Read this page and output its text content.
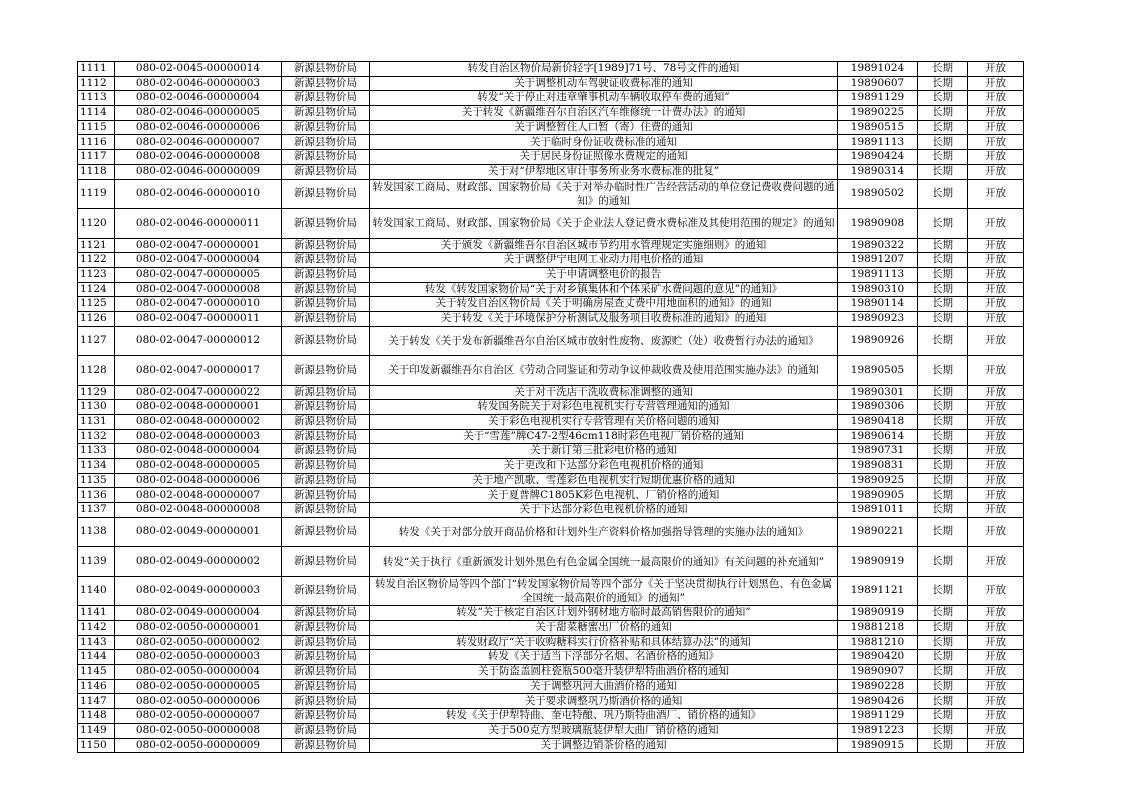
1111	080-02-0045-00000014	新源县物价局	转发自治区物价局新价轻字[1989]71号、78号文件的通知	19891024	长期	开放
1112	080-02-0046-00000003	新源县物价局	关于调整机动车驾驶证收费标准的通知	19890607	长期	开放
1113	080-02-0046-00000004	新源县物价局	转发“关于停止对违章肇事机动车辆收取停车费的通知”	19891129	长期	开放
1114	080-02-0046-00000005	新源县物价局	关于转发《新疆维吾尔自治区汽车维修统一计费办法》的通知	19890225	长期	开放
1115	080-02-0046-00000006	新源县物价局	关于调整暂住人口暂（寄）住费的通知	19890515	长期	开放
1116	080-02-0046-00000007	新源县物价局	关于临时身份证收费标准的通知	19891113	长期	开放
1117	080-02-0046-00000008	新源县物价局	关于居民身份证照像水费规定的通知	19890424	长期	开放
1118	080-02-0046-00000009	新源县物价局	关于对“伊犁地区审计事务所业务水费标准的批复”	19890314	长期	开放
1119	080-02-0046-00000010	新源县物价局	转发国家工商局、财政部、国家物价局《关于对举办临时性广告经营活动的单位登记费收费问题的通知》的通知	19890502	长期	开放
1120	080-02-0046-00000011	新源县物价局	转发国家工商局、财政部、国家物价局《关于企业法人登记费水费标准及其使用范围的规定》的通知	19890908	长期	开放
1121	080-02-0047-00000001	新源县物价局	关于颁发《新疆维吾尔自治区城市节约用水管理规定实施细则》的通知	19890322	长期	开放
1122	080-02-0047-00000004	新源县物价局	关于调整伊宁电网工业动力用电价格的通知	19891207	长期	开放
1123	080-02-0047-00000005	新源县物价局	关于申请调整电价的报告	19891113	长期	开放
1124	080-02-0047-00000008	新源县物价局	转发《转发国家物价局“关于对乡镇集体和个体采矿水费问题的意见”的通知》	19890310	长期	开放
1125	080-02-0047-00000010	新源县物价局	关于转发自治区物价局《关于明确房屋查丈费中用地面积的通知》的通知	19890114	长期	开放
1126	080-02-0047-00000011	新源县物价局	关于转发《关于环境保护分析测试及服务项目收费标准的通知》的通知	19890923	长期	开放
1127	080-02-0047-00000012	新源县物价局	关于转发《关于发布新疆维吾尔自治区城市放射性废物、废源贮（处）收费暂行办法的通知》	19890926	长期	开放
1128	080-02-0047-00000017	新源县物价局	关于印发新疆维吾尔自治区《劳动合同鉴证和劳动争议仲裁收费及使用范围实施办法》的通知	19890505	长期	开放
1129	080-02-0047-00000022	新源县物价局	关于对干洗店干洗收费标准调整的通知	19890301	长期	开放
1130	080-02-0048-00000001	新源县物价局	转发国务院关于对彩色电视机实行专营管理通知的通知	19890306	长期	开放
1131	080-02-0048-00000002	新源县物价局	关于彩色电视机实行专营管理有关价格问题的通知	19890418	长期	开放
1132	080-02-0048-00000003	新源县物价局	关于“雪莲”牌C47-2型46cm118时彩色电视厂销价格的通知	19890614	长期	开放
1133	080-02-0048-00000004	新源县物价局	关于新订第三批彩电价格的通知	19890731	长期	开放
1134	080-02-0048-00000005	新源县物价局	关于更改和下达部分彩色电视机价格的通知	19890831	长期	开放
1135	080-02-0048-00000006	新源县物价局	关于地产凯歌、雪莲彩色电视机实行短期优惠价格的通知	19890925	长期	开放
1136	080-02-0048-00000007	新源县物价局	关于夏普牌C1805K彩色电视机、厂销价格的通知	19890905	长期	开放
1137	080-02-0048-00000008	新源县物价局	关于下达部分彩色电视机价格的通知	19891011	长期	开放
1138	080-02-0049-00000001	新源县物价局	转发《关于对部分放开商品价格和计划外生产资料价格加强指导管理的实施办法的通知》	19890221	长期	开放
1139	080-02-0049-00000002	新源县物价局	转发“关于执行《重新颁发计划外黑色有色金属全国统一最高限价的通知》有关问题的补充通知”	19890919	长期	开放
1140	080-02-0049-00000003	新源县物价局	转发自治区物价局等四个部门“转发国家物价局等四个部分《关于坚决贯彻执行计划黑色、有色金属全国统一最高限价的通知》的通知”	19891121	长期	开放
1141	080-02-0049-00000004	新源县物价局	转发“关于核定自治区计划外钢材地方临时最高销售限价的通知”	19890919	长期	开放
1142	080-02-0050-00000001	新源县物价局	关于甜菜糖蜜出厂价格的通知	19881218	长期	开放
1143	080-02-0050-00000002	新源县物价局	转发财政厅“关于收购糖料实行价格补贴和具体结算办法”的通知	19881210	长期	开放
1144	080-02-0050-00000003	新源县物价局	转发《关于适当下浮部分名烟、名酒价格的通知》	19890420	长期	开放
1145	080-02-0050-00000004	新源县物价局	关于防盗盖圆柱瓷瓶500毫升装伊犁特曲酒价格的通知	19890907	长期	开放
1146	080-02-0050-00000005	新源县物价局	关于调整巩河大曲酒价格的通知	19890228	长期	开放
1147	080-02-0050-00000006	新源县物价局	关于要求调整巩乃斯酒价格的通知	19890426	长期	开放
1148	080-02-0050-00000007	新源县物价局	转发《关于伊犁特曲、奎屯特酿、巩乃斯特曲酒厂、销价格的通知》	19891129	长期	开放
1149	080-02-0050-00000008	新源县物价局	关于500克方型玻璃瓶装伊犁大曲厂销价格的通知	19891223	长期	开放
1150	080-02-0050-00000009	新源县物价局	关于调整边销茶价格的通知	19890915	长期	开放
